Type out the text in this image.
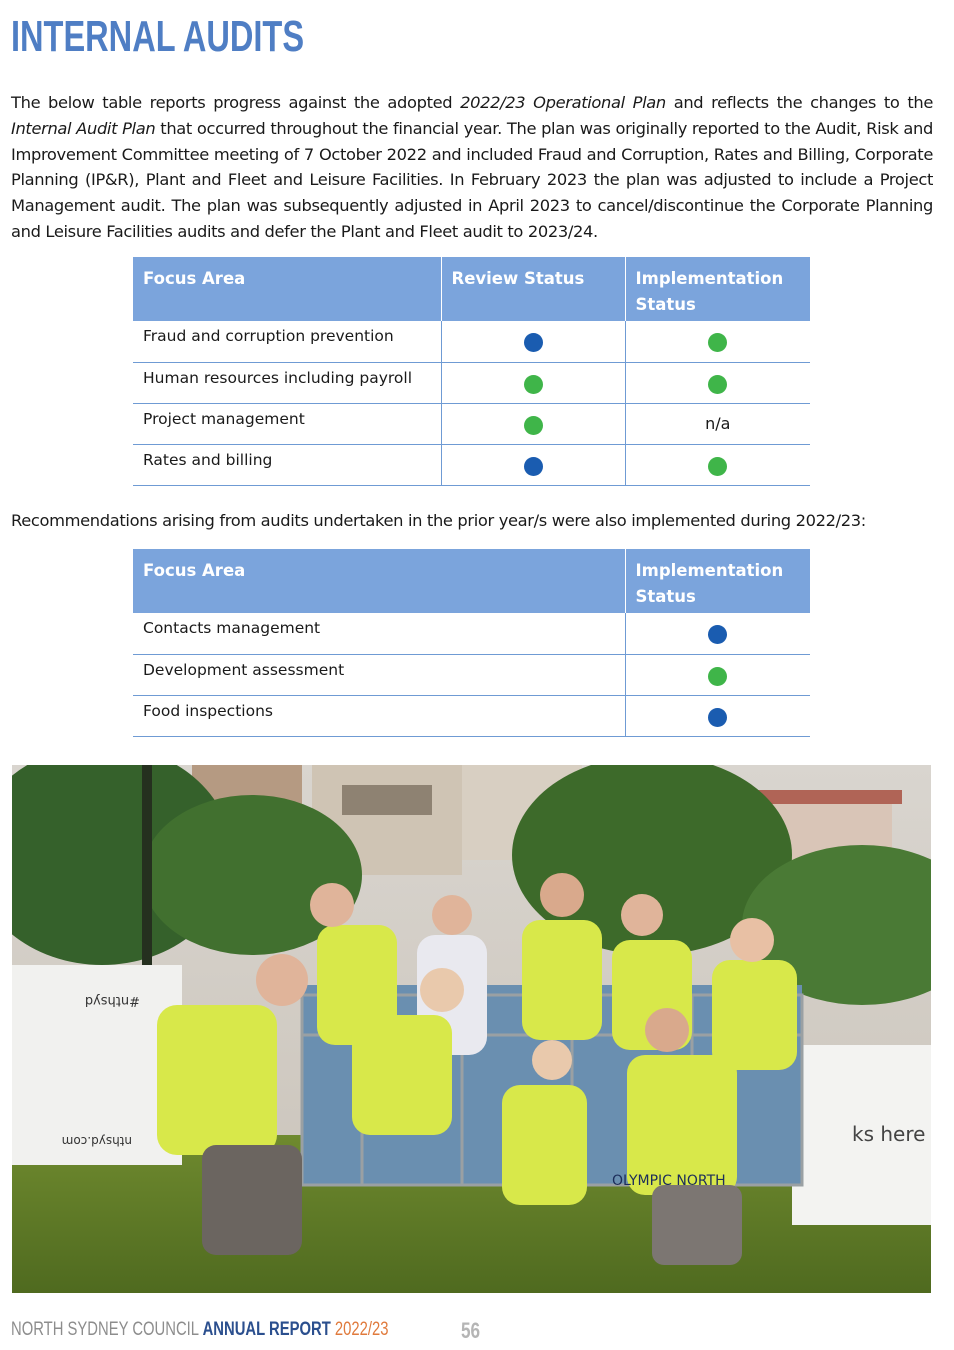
INTERNAL AUDITS

The below table reports progress against the adopted 2022/23 Operational Plan and reflects the changes to the Internal Audit Plan that occurred throughout the financial year. The plan was originally reported to the Audit, Risk and Improvement Committee meeting of 7 October 2022 and included Fraud and Corruption, Rates and Billing, Corporate Planning (IP&R), Plant and Fleet and Leisure Facilities. In February 2023 the plan was adjusted to include a Project Management audit. The plan was subsequently adjusted in April 2023 to cancel/discontinue the Corporate Planning and Leisure Facilities audits and defer the Plant and Fleet audit to 2023/24.

Focus Area	Review Status	Implementation Status
Fraud and corruption prevention		
Human resources including payroll		
Project management		n/a
Rates and billing		

Recommendations arising from audits undertaken in the prior year/s were also implemented during 2022/23:

Focus Area	Implementation Status
Contacts management	
Development assessment	
Food inspections	
#nthsyd
nthsyd.com	ks here
OLYMPIC NORTH
NORTH SYDNEY COUNCIL ANNUAL REPORT 2022/23	56
